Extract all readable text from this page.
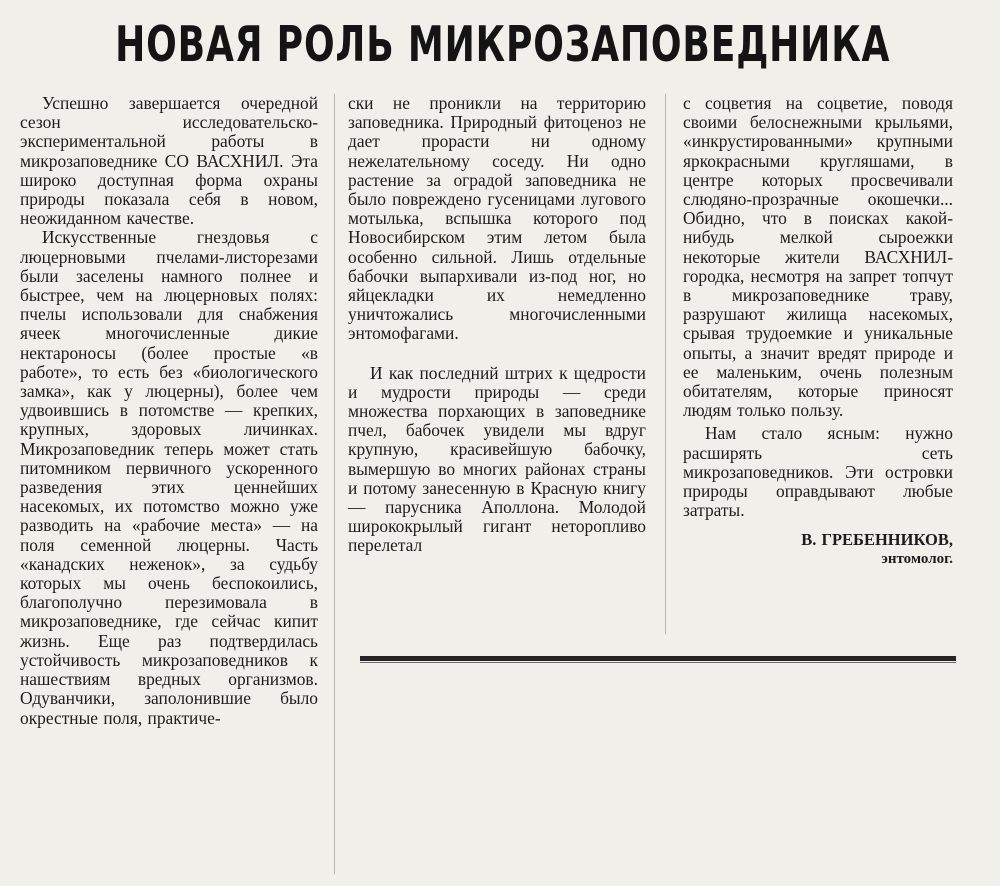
НОВАЯ РОЛЬ МИКРОЗАПОВЕДНИКА

Успешно завершается очередной сезон исследовательско-экспериментальной работы в микрозаповеднике СО ВАСХНИЛ. Эта широко доступная форма охраны природы показала себя в новом, неожиданном качестве.

Искусственные гнездовья с люцерновыми пчелами-листорезами были заселены намного полнее и быстрее, чем на люцерновых полях: пчелы использовали для снабжения ячеек многочисленные дикие нектароносы (более простые «в работе», то есть без «биологического замка», как у люцерны), более чем удвоившись в потомстве — крепких, крупных, здоровых личинках. Микрозаповедник теперь может стать питомником первичного ускоренного разведения этих ценнейших насекомых, их потомство можно уже разводить на «рабочие места» — на поля семенной люцерны. Часть «канадских неженок», за судьбу которых мы очень беспокоились, благополучно перезимовала в микрозаповеднике, где сейчас кипит жизнь. Еще раз подтвердилась устойчивость микрозаповедников к нашествиям вредных организмов. Одуванчики, заполонившие было окрестные поля, практиче-

ски не проникли на территорию заповедника. Природный фитоценоз не дает прорасти ни одному нежелательному соседу. Ни одно растение за оградой заповедника не было повреждено гусеницами лугового мотылька, вспышка которого под Новосибирском этим летом была особенно сильной. Лишь отдельные бабочки выпархивали из-под ног, но яйцекладки их немедленно уничтожались многочисленными энтомофагами.

И как последний штрих к щедрости и мудрости природы — среди множества порхающих в заповеднике пчел, бабочек увидели мы вдруг крупную, красивейшую бабочку, вымершую во многих районах страны и потому занесенную в Красную книгу — парусника Аполлона. Молодой ширококрылый гигант неторопливо перелетал

с соцветия на соцветие, поводя своими белоснежными крыльями, «инкрустированными» крупными яркокрасными кругляшами, в центре которых просвечивали слюдяно-прозрачные окошечки... Обидно, что в поисках какой-нибудь мелкой сыроежки некоторые жители ВАСХНИЛ-городка, несмотря на запрет топчут в микрозаповеднике траву, разрушают жилища насекомых, срывая трудоемкие и уникальные опыты, а значит вредят природе и ее маленьким, очень полезным обитателям, которые приносят людям только пользу.

Нам стало ясным: нужно расширять сеть микрозаповедников. Эти островки природы оправдывают любые затраты.

В. ГРЕБЕННИКОВ,

энтомолог.
